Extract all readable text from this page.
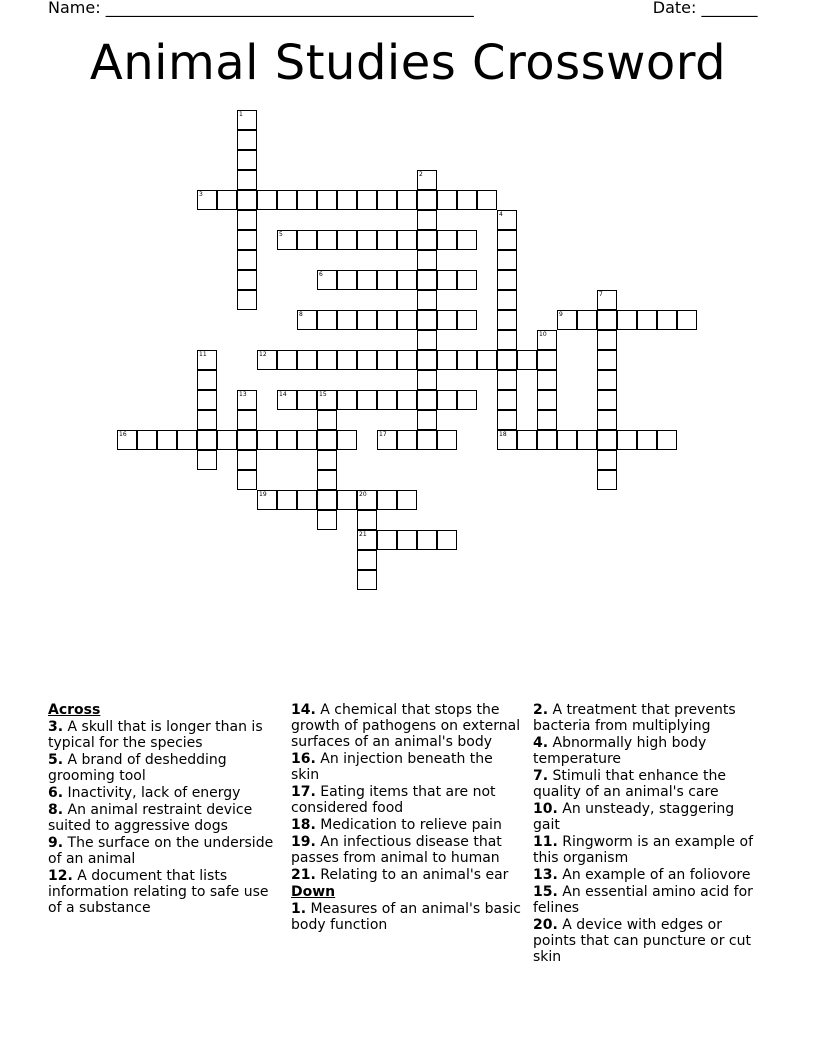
Name: ______________________________________________	Date: _______
Animal Studies Crossword
1
2
3
4
18
5
6
7
8	9
10
11	12
13	14	15
16	17
19	20
21
Across
3. A skull that is longer than is typical for the species
5. A brand of deshedding grooming tool
6. Inactivity, lack of energy
8. An animal restraint device suited to aggressive dogs
9. The surface on the underside of an animal
12. A document that lists information relating to safe use of a substance
14. A chemical that stops the growth of pathogens on external surfaces of an animal's body
16. An injection beneath the skin
17. Eating items that are not considered food
18. Medication to relieve pain
19. An infectious disease that passes from animal to human
21. Relating to an animal's ear
Down
1. Measures of an animal's basic body function
2. A treatment that prevents bacteria from multiplying
4. Abnormally high body temperature
7. Stimuli that enhance the quality of an animal's care
10. An unsteady, staggering gait
11. Ringworm is an example of this organism
13. An example of an foliovore
15. An essential amino acid for felines
20. A device with edges or points that can puncture or cut skin
